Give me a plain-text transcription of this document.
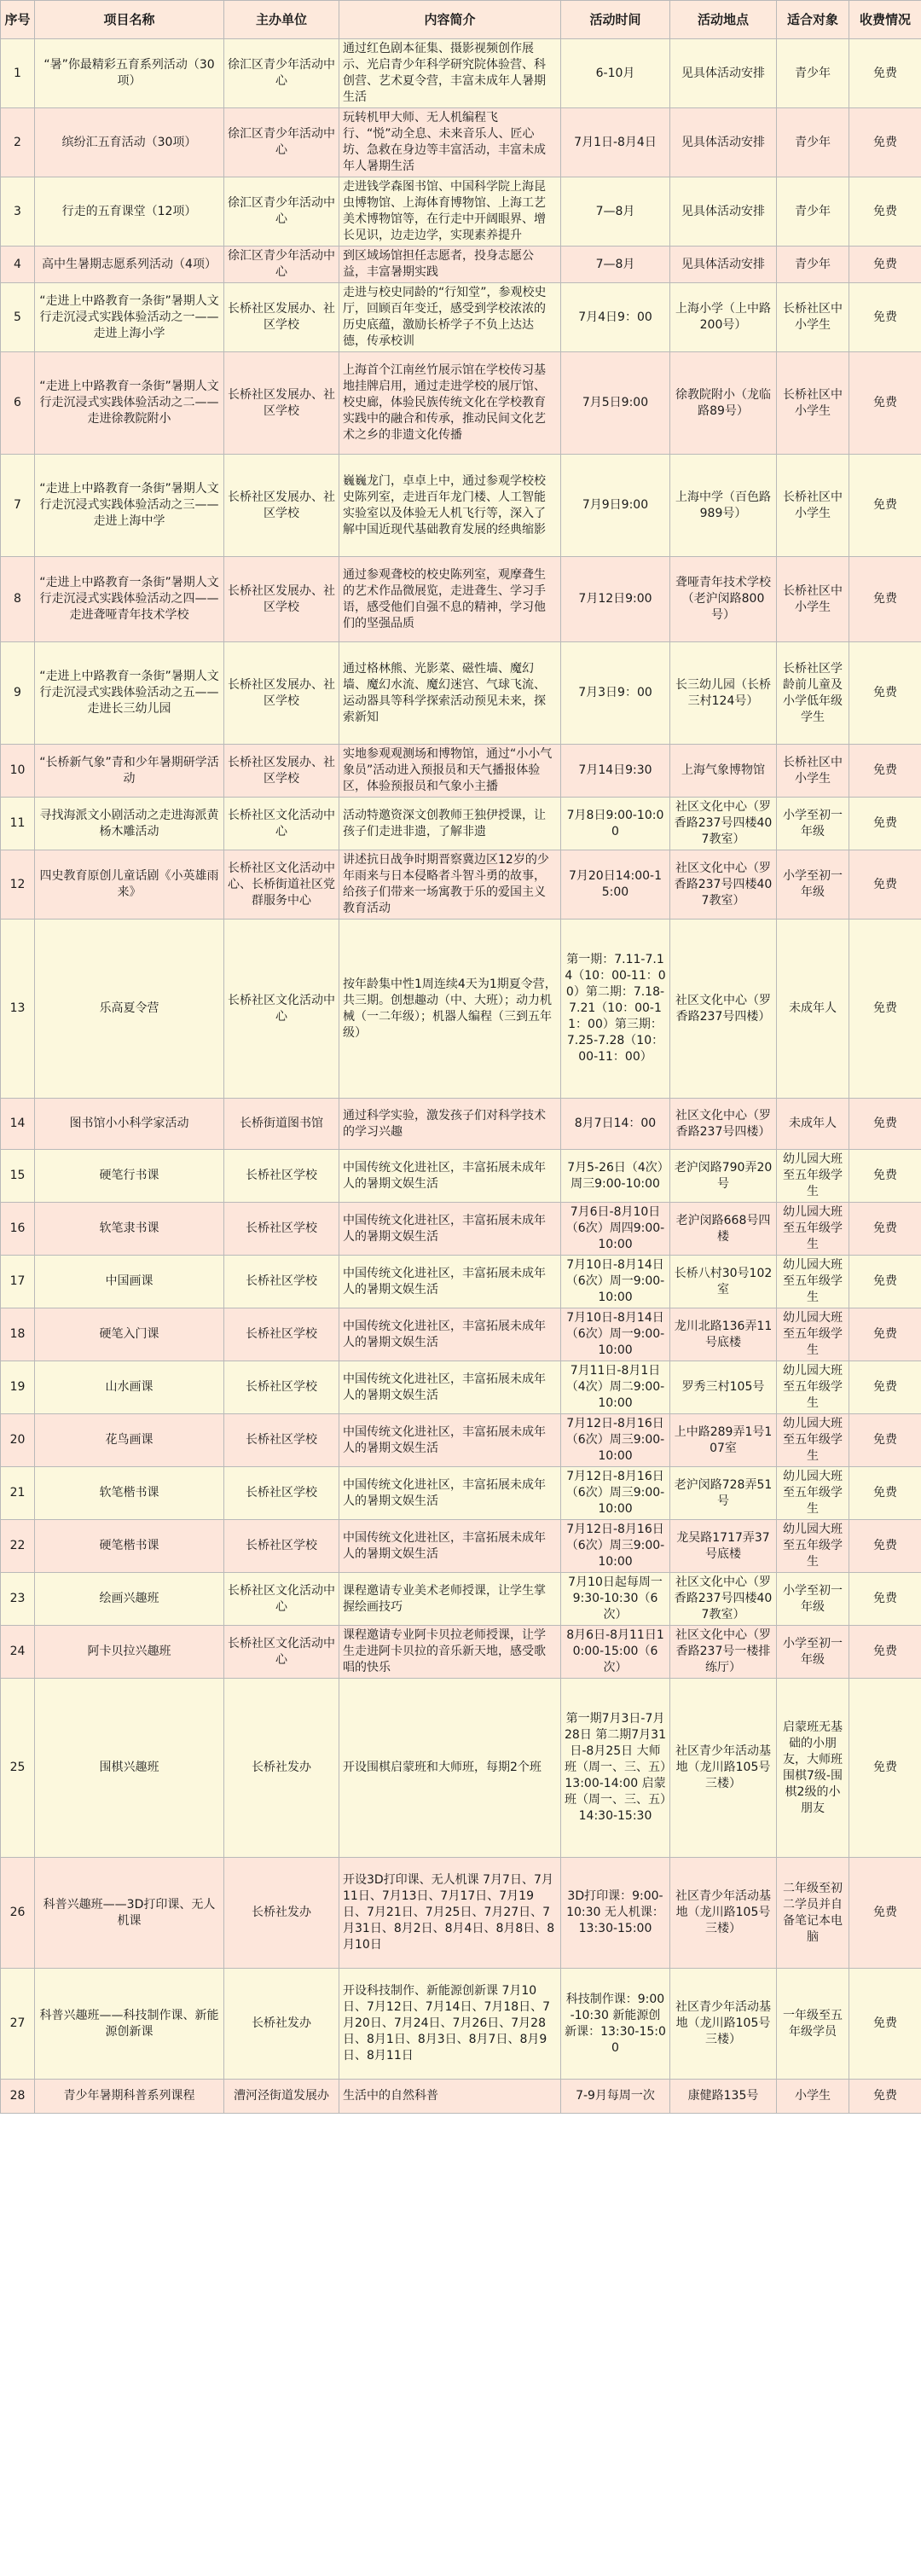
序号	项目名称	主办单位	内容简介	活动时间	活动地点	适合对象	收费情况
1	“暑”你最精彩五育系列活动（30项）	徐汇区青少年活动中心	通过红色剧本征集、摄影视频创作展示、光启青少年科学研究院体验营、科创营、艺术夏令营，丰富未成年人暑期生活	6-10月	见具体活动安排	青少年	免费
2	缤纷汇五育活动（30项）	徐汇区青少年活动中心	玩转机甲大师、无人机编程飞行、“悦”动全息、未来音乐人、匠心坊、急救在身边等丰富活动，丰富未成年人暑期生活	7月1日-8月4日	见具体活动安排	青少年	免费
3	行走的五育课堂（12项）	徐汇区青少年活动中心	走进钱学森图书馆、中国科学院上海昆虫博物馆、上海体育博物馆、上海工艺美术博物馆等，在行走中开阔眼界、增长见识，边走边学，实现素养提升	7—8月	见具体活动安排	青少年	免费
4	高中生暑期志愿系列活动（4项）	徐汇区青少年活动中心	到区域场馆担任志愿者，投身志愿公益，丰富暑期实践	7—8月	见具体活动安排	青少年	免费
5	“走进上中路教育一条街”暑期人文行走沉浸式实践体验活动之一——走进上海小学	长桥社区发展办、社区学校	走进与校史同龄的“行知堂”，参观校史厅，回顾百年变迁，感受到学校浓浓的历史底蕴，激励长桥学子不负上达达德，传承校训	7月4日9：00	上海小学（上中路200号）	长桥社区中小学生	免费
6	“走进上中路教育一条街”暑期人文行走沉浸式实践体验活动之二——走进徐教院附小	长桥社区发展办、社区学校	上海首个江南丝竹展示馆在学校传习基地挂牌启用，通过走进学校的展厅馆、校史廊，体验民族传统文化在学校教育实践中的融合和传承，推动民间文化艺术之乡的非遗文化传播	7月5日9:00	徐教院附小（龙临路89号）	长桥社区中小学生	免费
7	“走进上中路教育一条街”暑期人文行走沉浸式实践体验活动之三——走进上海中学	长桥社区发展办、社区学校	巍巍龙门，卓卓上中，通过参观学校校史陈列室，走进百年龙门楼、人工智能实验室以及体验无人机飞行等，深入了解中国近现代基础教育发展的经典缩影	7月9日9:00	上海中学（百色路989号）	长桥社区中小学生	免费
8	“走进上中路教育一条街”暑期人文行走沉浸式实践体验活动之四——走进聋哑青年技术学校	长桥社区发展办、社区学校	通过参观聋校的校史陈列室，观摩聋生的艺术作品微展览，走进聋生、学习手语，感受他们自强不息的精神，学习他们的坚强品质	7月12日9:00	聋哑青年技术学校（老沪闵路800号）	长桥社区中小学生	免费
9	“走进上中路教育一条街”暑期人文行走沉浸式实践体验活动之五——走进长三幼儿园	长桥社区发展办、社区学校	通过格林熊、光影菜、磁性墙、魔幻墙、魔幻水流、魔幻迷宫、气球飞流、运动器具等科学探索活动预见未来，探索新知	7月3日9：00	长三幼儿园（长桥三村124号）	长桥社区学龄前儿童及小学低年级学生	免费
10	“长桥新气象”青和少年暑期研学活动	长桥社区发展办、社区学校	实地参观观测场和博物馆，通过“小小气象员”活动进入预报员和天气播报体验区，体验预报员和气象小主播	7月14日9:30	上海气象博物馆	长桥社区中小学生	免费
11	寻找海派文小剧活动之走进海派黄杨木雕活动	长桥社区文化活动中心	活动特邀资深文创教师王独伊授课，让孩子们走进非遗，了解非遗	7月8日9:00-10:00	社区文化中心（罗香路237号四楼407教室）	小学至初一年级	免费
12	四史教育原创儿童话剧《小英雄雨来》	长桥社区文化活动中心、长桥街道社区党群服务中心	讲述抗日战争时期晋察冀边区12岁的少年雨来与日本侵略者斗智斗勇的故事，给孩子们带来一场寓教于乐的爱国主义教育活动	7月20日14:00-15:00	社区文化中心（罗香路237号四楼407教室）	小学至初一年级	免费
13	乐高夏令营	长桥社区文化活动中心	按年龄集中性1周连续4天为1期夏令营，共三期。创想趣动（中、大班）；动力机械（一二年级）；机器人编程（三到五年级）	第一期：7.11-7.14（10：00-11：00）第二期：7.18-7.21（10：00-11：00）第三期：7.25-7.28（10：00-11：00）	社区文化中心（罗香路237号四楼）	未成年人	免费
14	图书馆小小科学家活动	长桥街道图书馆	通过科学实验，激发孩子们对科学技术的学习兴趣	8月7日14：00	社区文化中心（罗香路237号四楼）	未成年人	免费
15	硬笔行书课	长桥社区学校	中国传统文化进社区，丰富拓展未成年人的暑期文娱生活	7月5-26日（4次）周三9:00-10:00	老沪闵路790弄20号	幼儿园大班至五年级学生	免费
16	软笔隶书课	长桥社区学校	中国传统文化进社区，丰富拓展未成年人的暑期文娱生活	7月6日-8月10日（6次）周四9:00-10:00	老沪闵路668号四楼	幼儿园大班至五年级学生	免费
17	中国画课	长桥社区学校	中国传统文化进社区，丰富拓展未成年人的暑期文娱生活	7月10日-8月14日（6次）周一9:00-10:00	长桥八村30号102室	幼儿园大班至五年级学生	免费
18	硬笔入门课	长桥社区学校	中国传统文化进社区，丰富拓展未成年人的暑期文娱生活	7月10日-8月14日（6次）周一9:00-10:00	龙川北路136弄11号底楼	幼儿园大班至五年级学生	免费
19	山水画课	长桥社区学校	中国传统文化进社区，丰富拓展未成年人的暑期文娱生活	7月11日-8月1日（4次）周二9:00-10:00	罗秀三村105号	幼儿园大班至五年级学生	免费
20	花鸟画课	长桥社区学校	中国传统文化进社区，丰富拓展未成年人的暑期文娱生活	7月12日-8月16日（6次）周三9:00-10:00	上中路289弄1号107室	幼儿园大班至五年级学生	免费
21	软笔楷书课	长桥社区学校	中国传统文化进社区，丰富拓展未成年人的暑期文娱生活	7月12日-8月16日（6次）周三9:00-10:00	老沪闵路728弄51号	幼儿园大班至五年级学生	免费
22	硬笔楷书课	长桥社区学校	中国传统文化进社区，丰富拓展未成年人的暑期文娱生活	7月12日-8月16日（6次）周三9:00-10:00	龙吴路1717弄37号底楼	幼儿园大班至五年级学生	免费
23	绘画兴趣班	长桥社区文化活动中心	课程邀请专业美术老师授课，让学生掌握绘画技巧	7月10日起每周一9:30-10:30（6次）	社区文化中心（罗香路237号四楼407教室）	小学至初一年级	免费
24	阿卡贝拉兴趣班	长桥社区文化活动中心	课程邀请专业阿卡贝拉老师授课，让学生走进阿卡贝拉的音乐新天地，感受歌唱的快乐	8月6日-8月11日10:00-15:00（6次）	社区文化中心（罗香路237号一楼排练厅）	小学至初一年级	免费
25	围棋兴趣班	长桥社发办	开设围棋启蒙班和大师班，每期2个班	第一期7月3日-7月28日 第二期7月31日-8月25日 大师班（周一、三、五）13:00-14:00 启蒙班（周一、三、五）14:30-15:30	社区青少年活动基地（龙川路105号三楼）	启蒙班无基础的小朋友，大师班围棋7级-围棋2级的小朋友	免费
26	科普兴趣班——3D打印课、无人机课	长桥社发办	开设3D打印课、无人机课 7月7日、7月11日、7月13日、7月17日、7月19日、7月21日、7月25日、7月27日、7月31日、8月2日、8月4日、8月8日、8月10日	3D打印课：9:00-10:30 无人机课：13:30-15:00	社区青少年活动基地（龙川路105号三楼）	二年级至初二学员并自备笔记本电脑	免费
27	科普兴趣班——科技制作课、新能源创新课	长桥社发办	开设科技制作、新能源创新课 7月10日、7月12日、7月14日、7月18日、7月20日、7月24日、7月26日、7月28日、8月1日、8月3日、8月7日、8月9日、8月11日	科技制作课：9:00-10:30 新能源创新课：13:30-15:00	社区青少年活动基地（龙川路105号三楼）	一年级至五年级学员	免费
28	青少年暑期科普系列课程	漕河泾街道发展办	生活中的自然科普	7-9月每周一次	康健路135号	小学生	免费
